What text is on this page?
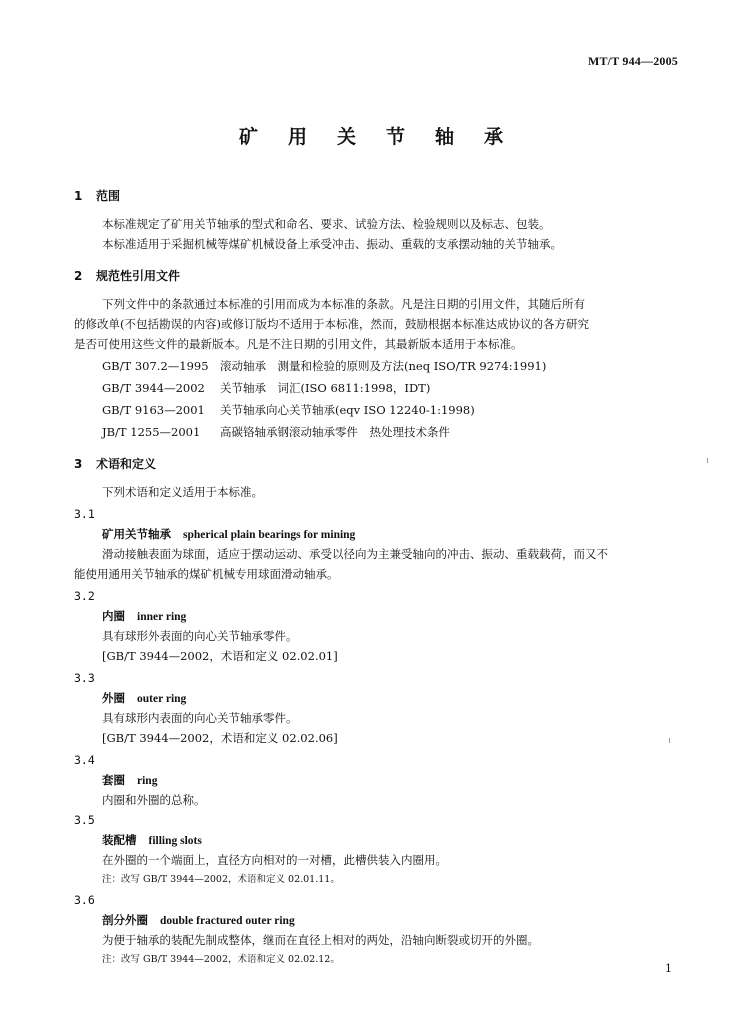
MT/T 944—2005
矿用关节轴承
1 范围
本标准规定了矿用关节轴承的型式和命名、要求、试验方法、检验规则以及标志、包装。
本标准适用于采掘机械等煤矿机械设备上承受冲击、振动、重载的支承摆动轴的关节轴承。
2 规范性引用文件
下列文件中的条款通过本标准的引用而成为本标准的条款。凡是注日期的引用文件，其随后所有
的修改单(不包括勘误的内容)或修订版均不适用于本标准，然而，鼓励根据本标准达成协议的各方研究
是否可使用这些文件的最新版本。凡是不注日期的引用文件，其最新版本适用于本标准。
GB/T 307.2—1995 滚动轴承　测量和检验的原则及方法(neq ISO/TR 9274:1991)
GB/T 3944—2002 关节轴承　词汇(ISO 6811:1998，IDT)
GB/T 9163—2001 关节轴承向心关节轴承(eqv ISO 12240-1:1998)
JB/T 1255—2001 高碳铬轴承钢滚动轴承零件　热处理技术条件
3 术语和定义
下列术语和定义适用于本标准。
3.1
矿用关节轴承 spherical plain bearings for mining
滑动接触表面为球面，适应于摆动运动、承受以径向为主兼受轴向的冲击、振动、重载载荷，而又不
能使用通用关节轴承的煤矿机械专用球面滑动轴承。
3.2
内圈 inner ring
具有球形外表面的向心关节轴承零件。
[GB/T 3944—2002，术语和定义 02.02.01]
3.3
外圈 outer ring
具有球形内表面的向心关节轴承零件。
[GB/T 3944—2002，术语和定义 02.02.06]
3.4
套圈 ring
内圈和外圈的总称。
3.5
装配槽 filling slots
在外圈的一个端面上，直径方向相对的一对槽，此槽供装入内圈用。
注：改写 GB/T 3944—2002，术语和定义 02.01.11。
3.6
剖分外圈 double fractured outer ring
为便于轴承的装配先制成整体，继而在直径上相对的两处，沿轴向断裂或切开的外圈。
注：改写 GB/T 3944—2002，术语和定义 02.02.12。
1
